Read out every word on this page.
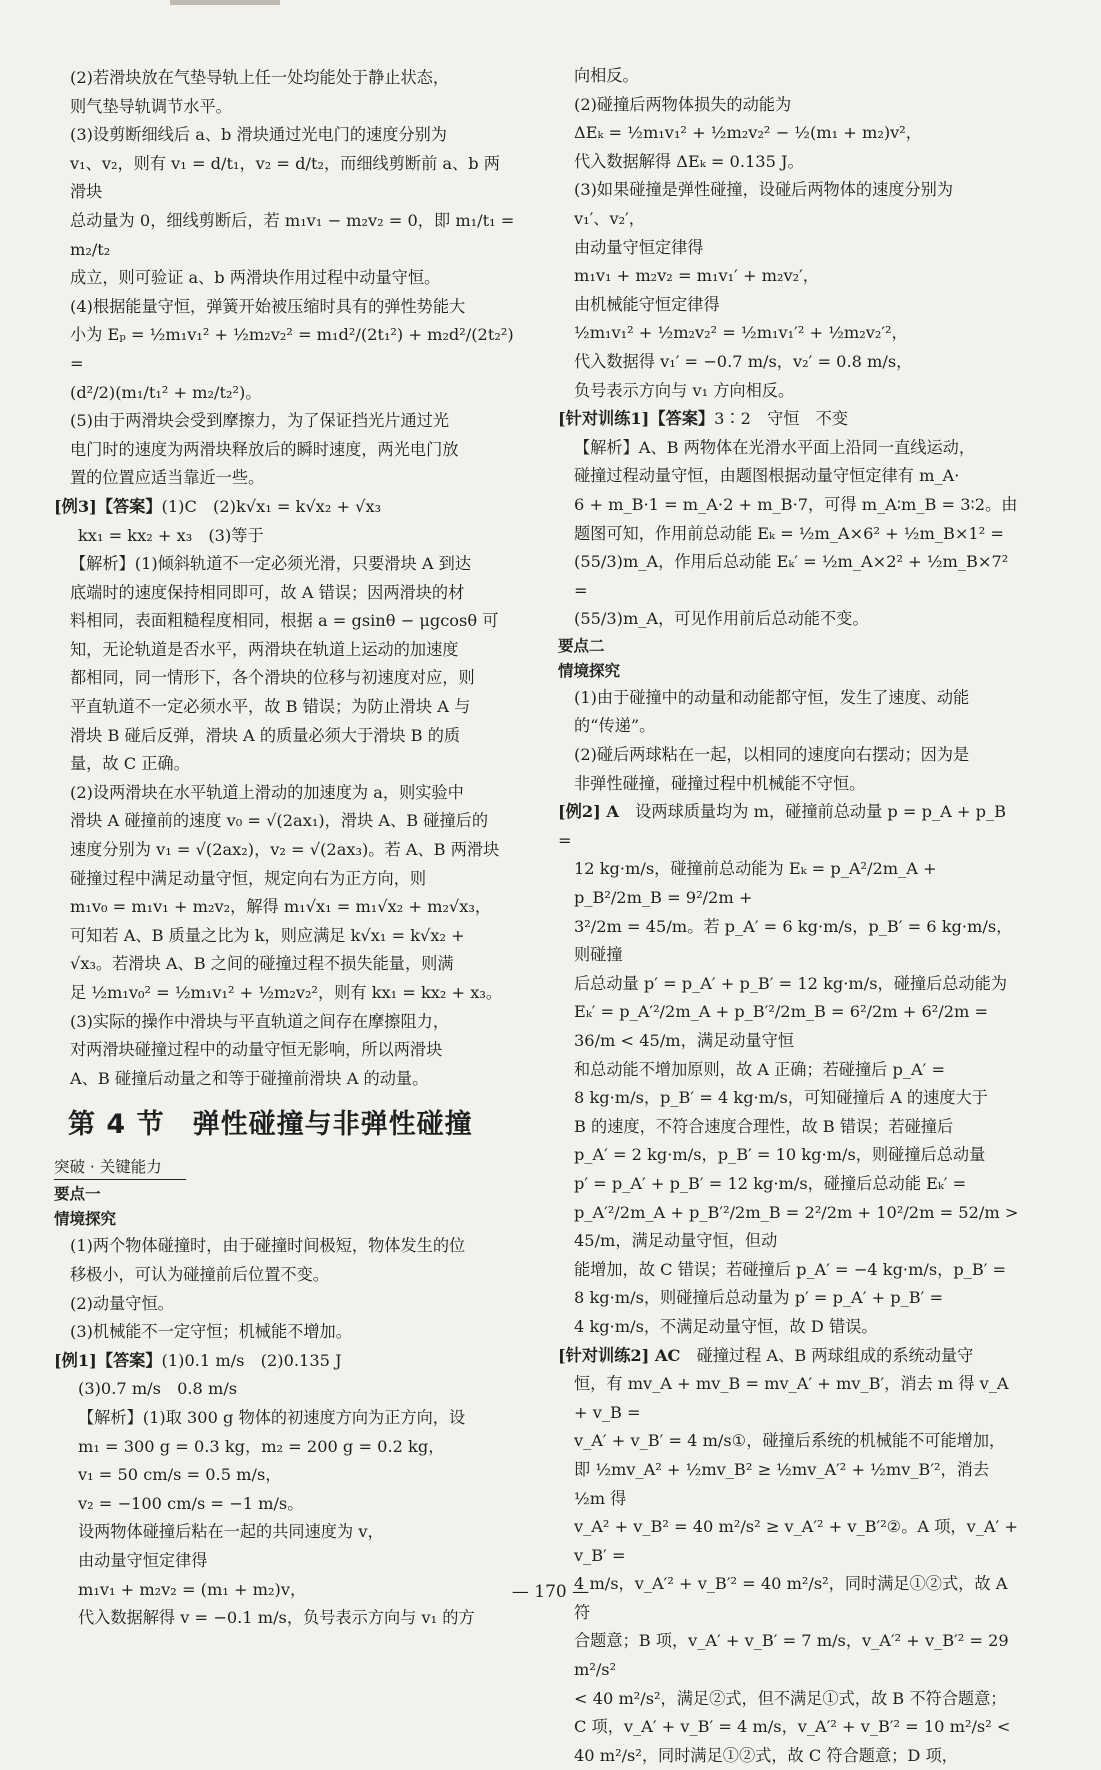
(2)若滑块放在气垫导轨上任一处均能处于静止状态，

则气垫导轨调节水平。

(3)设剪断细线后 a、b 滑块通过光电门的速度分别为

v₁、v₂，则有 v₁ = d/t₁，v₂ = d/t₂，而细线剪断前 a、b 两滑块

总动量为 0，细线剪断后，若 m₁v₁ − m₂v₂ = 0，即 m₁/t₁ = m₂/t₂

成立，则可验证 a、b 两滑块作用过程中动量守恒。

(4)根据能量守恒，弹簧开始被压缩时具有的弹性势能大

小为 Eₚ = ½m₁v₁² + ½m₂v₂² = m₁d²/(2t₁²) + m₂d²/(2t₂²) =

(d²/2)(m₁/t₁² + m₂/t₂²)。

(5)由于两滑块会受到摩擦力，为了保证挡光片通过光

电门时的速度为两滑块释放后的瞬时速度，两光电门放

置的位置应适当靠近一些。

[例3]【答案】(1)C　(2)k√x₁ = k√x₂ + √x₃

kx₁ = kx₂ + x₃　(3)等于

【解析】(1)倾斜轨道不一定必须光滑，只要滑块 A 到达

底端时的速度保持相同即可，故 A 错误；因两滑块的材

料相同，表面粗糙程度相同，根据 a = gsinθ − μgcosθ 可

知，无论轨道是否水平，两滑块在轨道上运动的加速度

都相同，同一情形下，各个滑块的位移与初速度对应，则

平直轨道不一定必须水平，故 B 错误；为防止滑块 A 与

滑块 B 碰后反弹，滑块 A 的质量必须大于滑块 B 的质

量，故 C 正确。

(2)设两滑块在水平轨道上滑动的加速度为 a，则实验中

滑块 A 碰撞前的速度 v₀ = √(2ax₁)，滑块 A、B 碰撞后的

速度分别为 v₁ = √(2ax₂)，v₂ = √(2ax₃)。若 A、B 两滑块

碰撞过程中满足动量守恒，规定向右为正方向，则

m₁v₀ = m₁v₁ + m₂v₂，解得 m₁√x₁ = m₁√x₂ + m₂√x₃，

可知若 A、B 质量之比为 k，则应满足 k√x₁ = k√x₂ +

√x₃。若滑块 A、B 之间的碰撞过程不损失能量，则满

足 ½m₁v₀² = ½m₁v₁² + ½m₂v₂²，则有 kx₁ = kx₂ + x₃。

(3)实际的操作中滑块与平直轨道之间存在摩擦阻力，

对两滑块碰撞过程中的动量守恒无影响，所以两滑块

A、B 碰撞后动量之和等于碰撞前滑块 A 的动量。

第 4 节　弹性碰撞与非弹性碰撞
突破 · 关键能力

要点一

情境探究

(1)两个物体碰撞时，由于碰撞时间极短，物体发生的位

移极小，可认为碰撞前后位置不变。

(2)动量守恒。

(3)机械能不一定守恒；机械能不增加。

[例1]【答案】(1)0.1 m/s　(2)0.135 J

(3)0.7 m/s　0.8 m/s

【解析】(1)取 300 g 物体的初速度方向为正方向，设

m₁ = 300 g = 0.3 kg，m₂ = 200 g = 0.2 kg，

v₁ = 50 cm/s = 0.5 m/s，

v₂ = −100 cm/s = −1 m/s。

设两物体碰撞后粘在一起的共同速度为 v，

由动量守恒定律得

m₁v₁ + m₂v₂ = (m₁ + m₂)v，

代入数据解得 v = −0.1 m/s，负号表示方向与 v₁ 的方

向相反。

(2)碰撞后两物体损失的动能为

ΔEₖ = ½m₁v₁² + ½m₂v₂² − ½(m₁ + m₂)v²，

代入数据解得 ΔEₖ = 0.135 J。

(3)如果碰撞是弹性碰撞，设碰后两物体的速度分别为

v₁′、v₂′，

由动量守恒定律得

m₁v₁ + m₂v₂ = m₁v₁′ + m₂v₂′，

由机械能守恒定律得

½m₁v₁² + ½m₂v₂² = ½m₁v₁′² + ½m₂v₂′²，

代入数据得 v₁′ = −0.7 m/s，v₂′ = 0.8 m/s，

负号表示方向与 v₁ 方向相反。

[针对训练1]【答案】3∶2　守恒　不变

【解析】A、B 两物体在光滑水平面上沿同一直线运动，

碰撞过程动量守恒，由题图根据动量守恒定律有 m_A·

6 + m_B·1 = m_A·2 + m_B·7，可得 m_A∶m_B = 3∶2。由

题图可知，作用前总动能 Eₖ = ½m_A×6² + ½m_B×1² =

(55/3)m_A，作用后总动能 Eₖ′ = ½m_A×2² + ½m_B×7² =

(55/3)m_A，可见作用前后总动能不变。

要点二

情境探究

(1)由于碰撞中的动量和动能都守恒，发生了速度、动能

的“传递”。

(2)碰后两球粘在一起，以相同的速度向右摆动；因为是

非弹性碰撞，碰撞过程中机械能不守恒。

[例2] A　 设两球质量均为 m，碰撞前总动量 p = p_A + p_B =

12 kg·m/s，碰撞前总动能为 Eₖ = p_A²/2m_A + p_B²/2m_B = 9²/2m +

3²/2m = 45/m。若 p_A′ = 6 kg·m/s，p_B′ = 6 kg·m/s，则碰撞

后总动量 p′ = p_A′ + p_B′ = 12 kg·m/s，碰撞后总动能为

Eₖ′ = p_A′²/2m_A + p_B′²/2m_B = 6²/2m + 6²/2m = 36/m < 45/m，满足动量守恒

和总动能不增加原则，故 A 正确；若碰撞后 p_A′ =

8 kg·m/s，p_B′ = 4 kg·m/s，可知碰撞后 A 的速度大于

B 的速度，不符合速度合理性，故 B 错误；若碰撞后

p_A′ = 2 kg·m/s，p_B′ = 10 kg·m/s，则碰撞后总动量

p′ = p_A′ + p_B′ = 12 kg·m/s，碰撞后总动能 Eₖ′ =

p_A′²/2m_A + p_B′²/2m_B = 2²/2m + 10²/2m = 52/m > 45/m，满足动量守恒，但动

能增加，故 C 错误；若碰撞后 p_A′ = −4 kg·m/s，p_B′ =

8 kg·m/s，则碰撞后总动量为 p′ = p_A′ + p_B′ =

4 kg·m/s，不满足动量守恒，故 D 错误。

[针对训练2] AC　 碰撞过程 A、B 两球组成的系统动量守

恒，有 mv_A + mv_B = mv_A′ + mv_B′，消去 m 得 v_A + v_B =

v_A′ + v_B′ = 4 m/s①，碰撞后系统的机械能不可能增加，

即 ½mv_A² + ½mv_B² ≥ ½mv_A′² + ½mv_B′²，消去 ½m 得

v_A² + v_B² = 40 m²/s² ≥ v_A′² + v_B′²②。A 项，v_A′ + v_B′ =

4 m/s，v_A′² + v_B′² = 40 m²/s²，同时满足①②式，故 A 符

合题意；B 项，v_A′ + v_B′ = 7 m/s，v_A′² + v_B′² = 29 m²/s²

< 40 m²/s²，满足②式，但不满足①式，故 B 不符合题意；

C 项，v_A′ + v_B′ = 4 m/s，v_A′² + v_B′² = 10 m²/s² <

40 m²/s²，同时满足①②式，故 C 符合题意；D 项，

— 170 —
